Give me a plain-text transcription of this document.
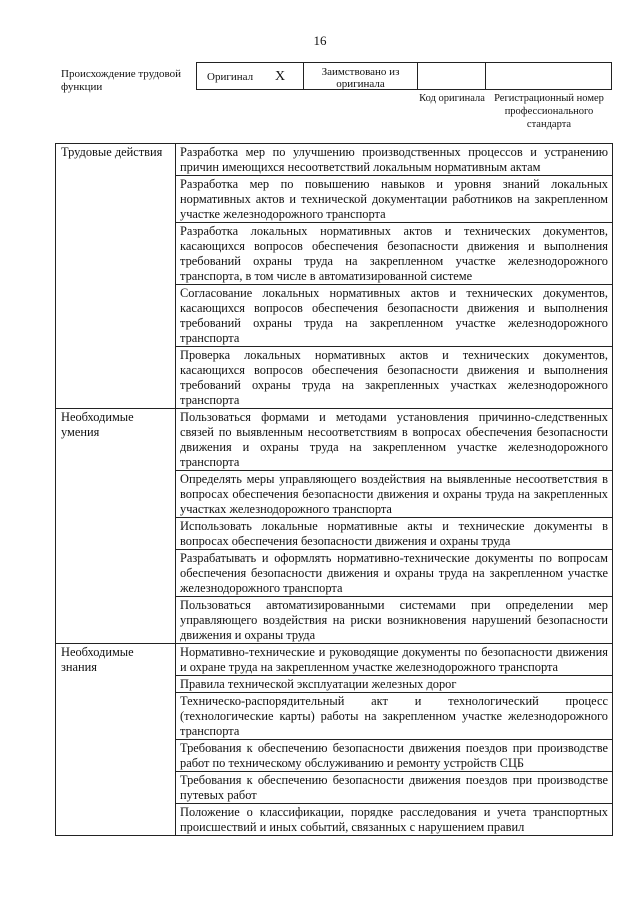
16
Происхождение трудовой функции
Оригинал X	Заимствовано из оригинала
Код оригинала Регистрационный номер профессионального стандарта
Трудовые действия	Разработка мер по улучшению производственных процессов и устранению причин имеющихся несоответствий локальным нормативным актам
	Разработка мер по повышению навыков и уровня знаний локальных нормативных актов и технической документации работников на закрепленном участке железнодорожного транспорта
	Разработка локальных нормативных актов и технических документов, касающихся вопросов обеспечения безопасности движения и выполнения требований охраны труда на закрепленном участке железнодорожного транспорта, в том числе в автоматизированной системе
	Согласование локальных нормативных актов и технических документов, касающихся вопросов обеспечения безопасности движения и выполнения требований охраны труда на закрепленном участке железнодорожного транспорта
	Проверка локальных нормативных актов и технических документов, касающихся вопросов обеспечения безопасности движения и выполнения требований охраны труда на закрепленных участках железнодорожного транспорта
Необходимые умения	Пользоваться формами и методами установления причинно-следственных связей по выявленным несоответствиям в вопросах обеспечения безопасности движения и охраны труда на закрепленном участке железнодорожного транспорта
	Определять меры управляющего воздействия на выявленные несоответствия в вопросах обеспечения безопасности движения и охраны труда на закрепленных участках железнодорожного транспорта
	Использовать локальные нормативные акты и технические документы в вопросах обеспечения безопасности движения и охраны труда
	Разрабатывать и оформлять нормативно-технические документы по вопросам обеспечения безопасности движения и охраны труда на закрепленном участке железнодорожного транспорта
	Пользоваться автоматизированными системами при определении мер управляющего воздействия на риски возникновения нарушений безопасности движения и охраны труда
Необходимые знания	Нормативно-технические и руководящие документы по безопасности движения и охране труда на закрепленном участке железнодорожного транспорта
	Правила технической эксплуатации железных дорог
	Техническо-распорядительный акт и технологический процесс (технологические карты) работы на закрепленном участке железнодорожного транспорта
	Требования к обеспечению безопасности движения поездов при производстве работ по техническому обслуживанию и ремонту устройств СЦБ
	Требования к обеспечению безопасности движения поездов при производстве путевых работ
	Положение о классификации, порядке расследования и учета транспортных происшествий и иных событий, связанных с нарушением правил
